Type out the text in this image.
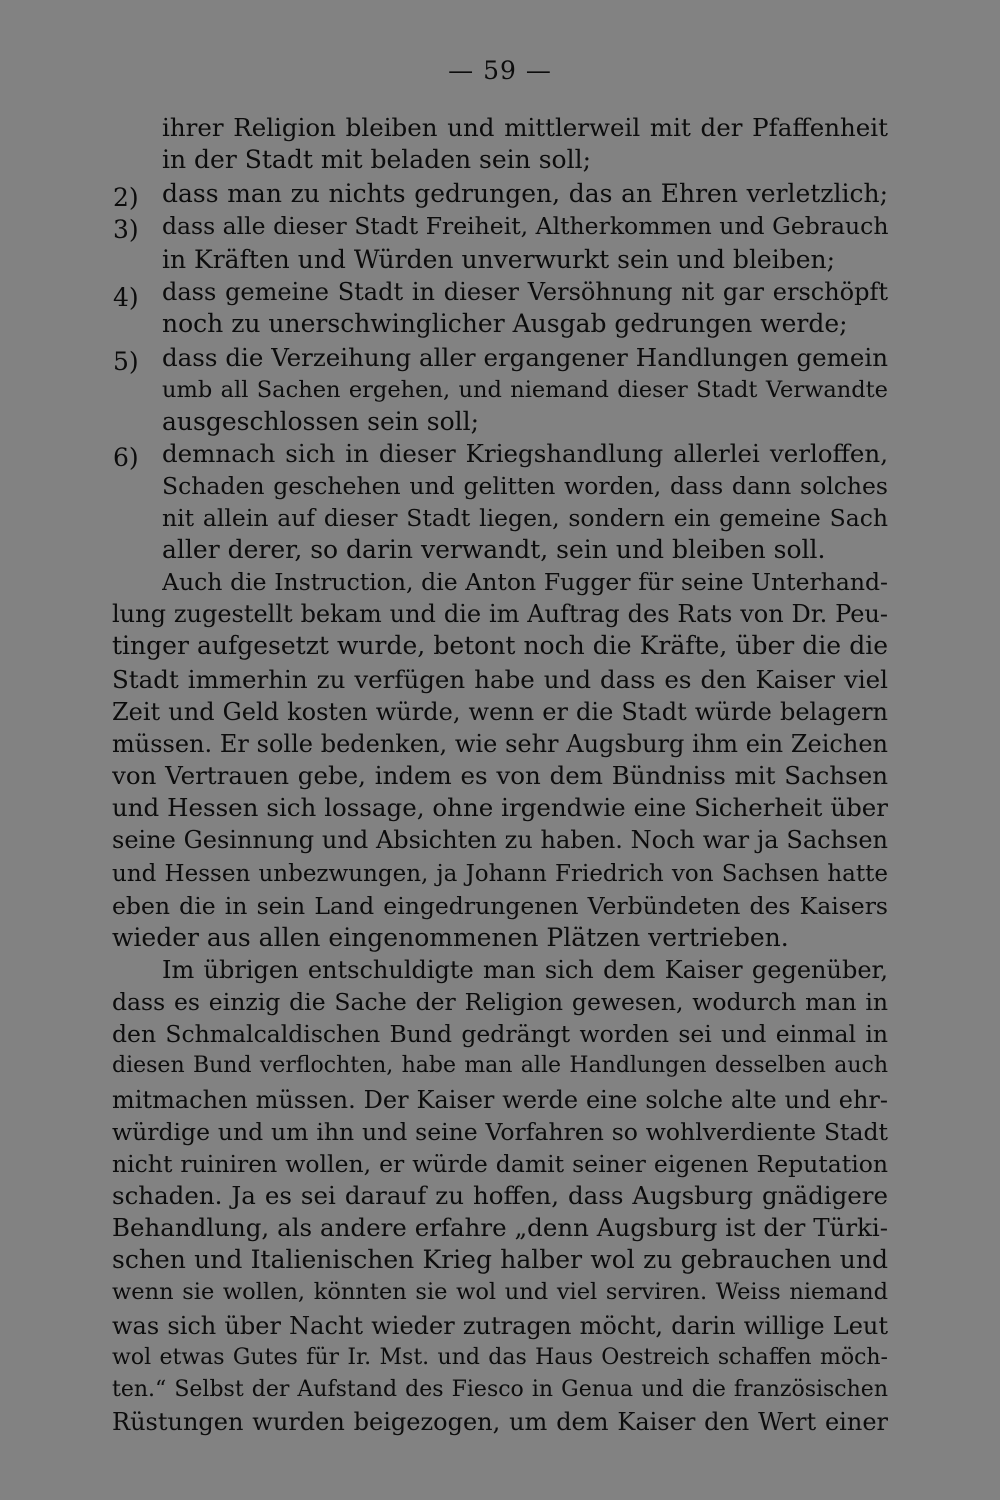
— 59 —
2)
3)
4)
5)
6)
ihrer Religion bleiben und mittlerweil mit der Pfaffenheit
in der Stadt mit beladen sein soll;
dass man zu nichts gedrungen, das an Ehren verletzlich;
dass alle dieser Stadt Freiheit, Altherkommen und Gebrauch
in Kräften und Würden unverwurkt sein und bleiben;
dass gemeine Stadt in dieser Versöhnung nit gar erschöpft
noch zu unerschwinglicher Ausgab gedrungen werde;
dass die Verzeihung aller ergangener Handlungen gemein
umb all Sachen ergehen, und niemand dieser Stadt Verwandte
ausgeschlossen sein soll;
demnach sich in dieser Kriegshandlung allerlei verloffen,
Schaden geschehen und gelitten worden, dass dann solches
nit allein auf dieser Stadt liegen, sondern ein gemeine Sach
aller derer, so darin verwandt, sein und bleiben soll.
Auch die Instruction, die Anton Fugger für seine Unterhand-
lung zugestellt bekam und die im Auftrag des Rats von Dr. Peu-
tinger aufgesetzt wurde, betont noch die Kräfte, über die die
Stadt immerhin zu verfügen habe und dass es den Kaiser viel
Zeit und Geld kosten würde, wenn er die Stadt würde belagern
müssen. Er solle bedenken, wie sehr Augsburg ihm ein Zeichen
von Vertrauen gebe, indem es von dem Bündniss mit Sachsen
und Hessen sich lossage, ohne irgendwie eine Sicherheit über
seine Gesinnung und Absichten zu haben. Noch war ja Sachsen
und Hessen unbezwungen, ja Johann Friedrich von Sachsen hatte
eben die in sein Land eingedrungenen Verbündeten des Kaisers
wieder aus allen eingenommenen Plätzen vertrieben.
Im übrigen entschuldigte man sich dem Kaiser gegenüber,
dass es einzig die Sache der Religion gewesen, wodurch man in
den Schmalcaldischen Bund gedrängt worden sei und einmal in
diesen Bund verflochten, habe man alle Handlungen desselben auch
mitmachen müssen. Der Kaiser werde eine solche alte und ehr-
würdige und um ihn und seine Vorfahren so wohlverdiente Stadt
nicht ruiniren wollen, er würde damit seiner eigenen Reputation
schaden. Ja es sei darauf zu hoffen, dass Augsburg gnädigere
Behandlung, als andere erfahre „denn Augsburg ist der Türki-
schen und Italienischen Krieg halber wol zu gebrauchen und
wenn sie wollen, könnten sie wol und viel serviren. Weiss niemand
was sich über Nacht wieder zutragen möcht, darin willige Leut
wol etwas Gutes für Ir. Mst. und das Haus Oestreich schaffen möch-
ten.“ Selbst der Aufstand des Fiesco in Genua und die französischen
Rüstungen wurden beigezogen, um dem Kaiser den Wert einer
